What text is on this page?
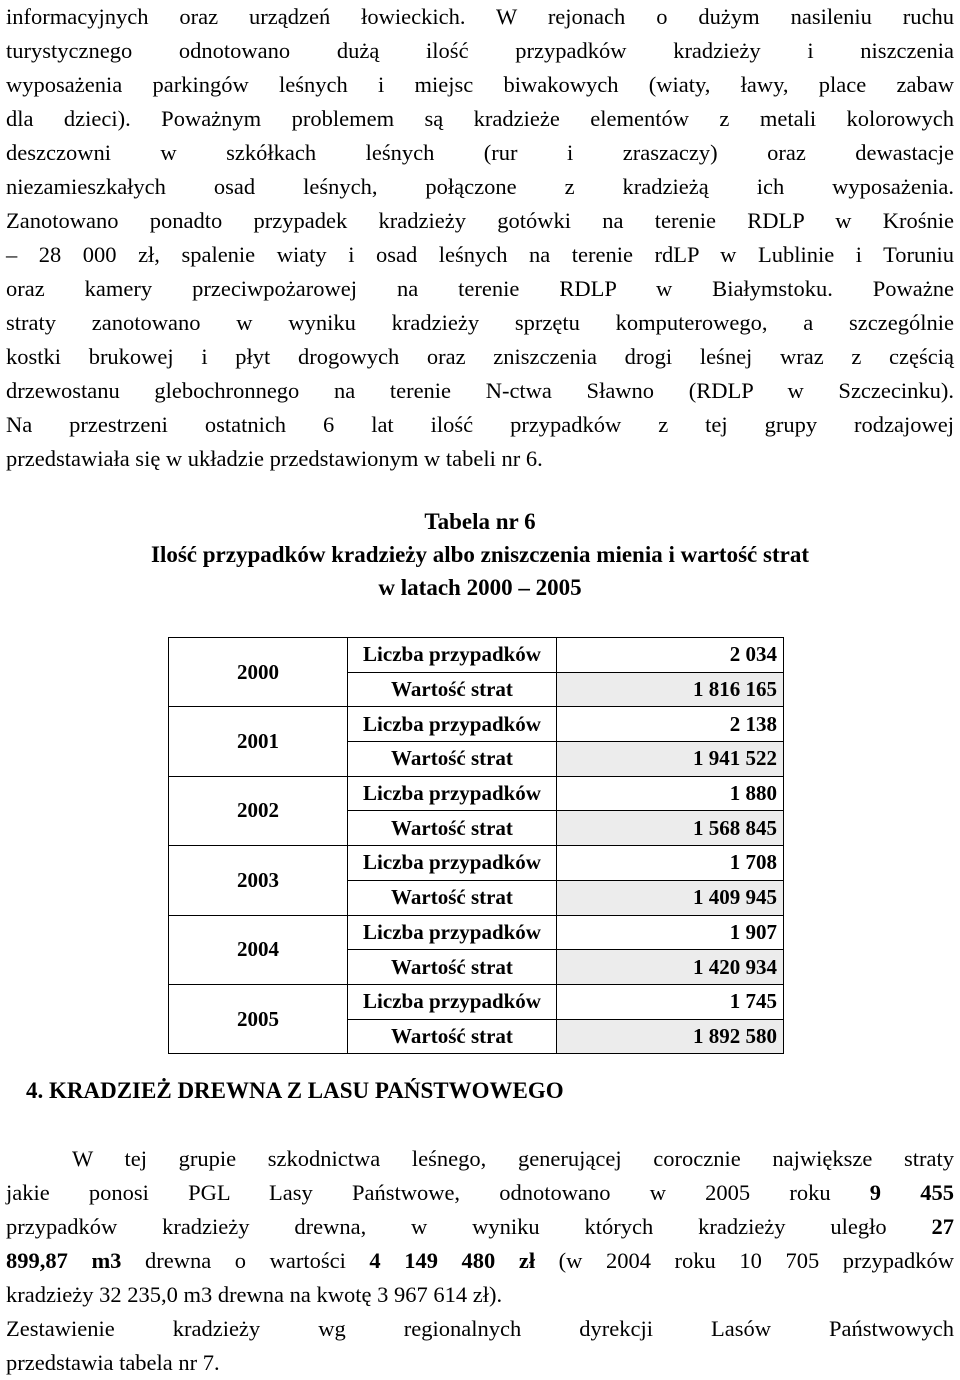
informacyjnych oraz urządzeń łowieckich. W rejonach o dużym nasileniu ruchu
turystycznego odnotowano dużą ilość przypadków kradzieży i niszczenia
wyposażenia parkingów leśnych i miejsc biwakowych (wiaty, ławy, place zabaw
dla dzieci). Poważnym problemem są kradzieże elementów z metali kolorowych
deszczowni w szkółkach leśnych (rur i zraszaczy) oraz dewastacje
niezamieszkałych osad leśnych, połączone z kradzieżą ich wyposażenia.
Zanotowano ponadto przypadek kradzieży gotówki na terenie RDLP w Krośnie
– 28 000 zł, spalenie wiaty i osad leśnych na terenie rdLP w Lublinie i Toruniu
oraz kamery przeciwpożarowej na terenie RDLP w Białymstoku. Poważne
straty zanotowano w wyniku kradzieży sprzętu komputerowego, a szczególnie
kostki brukowej i płyt drogowych oraz zniszczenia drogi leśnej wraz z częścią
drzewostanu glebochronnego na terenie N-ctwa Sławno (RDLP w Szczecinku).
Na przestrzeni ostatnich 6 lat ilość przypadków z tej grupy rodzajowej
przedstawiała się w układzie przedstawionym w tabeli nr 6.

Tabela nr 6

Ilość przypadków kradzieży albo zniszczenia mienia i wartość strat

w latach 2000 – 2005

2000	Liczba przypadków	2 034
	Wartość strat	1 816 165
2001	Liczba przypadków	2 138
	Wartość strat	1 941 522
2002	Liczba przypadków	1 880
	Wartość strat	1 568 845
2003	Liczba przypadków	1 708
	Wartość strat	1 409 945
2004	Liczba przypadków	1 907
	Wartość strat	1 420 934
2005	Liczba przypadków	1 745
	Wartość strat	1 892 580
4. KRADZIEŻ DREWNA Z LASU PAŃSTWOWEGO
W tej grupie szkodnictwa leśnego, generującej corocznie największe straty
jakie ponosi PGL Lasy Państwowe, odnotowano w 2005 roku 9 455
przypadków kradzieży drewna, w wyniku których kradzieży uległo 27
899,87 m3 drewna o wartości 4 149 480 zł (w 2004 roku 10 705 przypadków
kradzieży 32 235,0 m3 drewna na kwotę 3 967 614 zł).
Zestawienie kradzieży wg regionalnych dyrekcji Lasów Państwowych
przedstawia tabela nr 7.
